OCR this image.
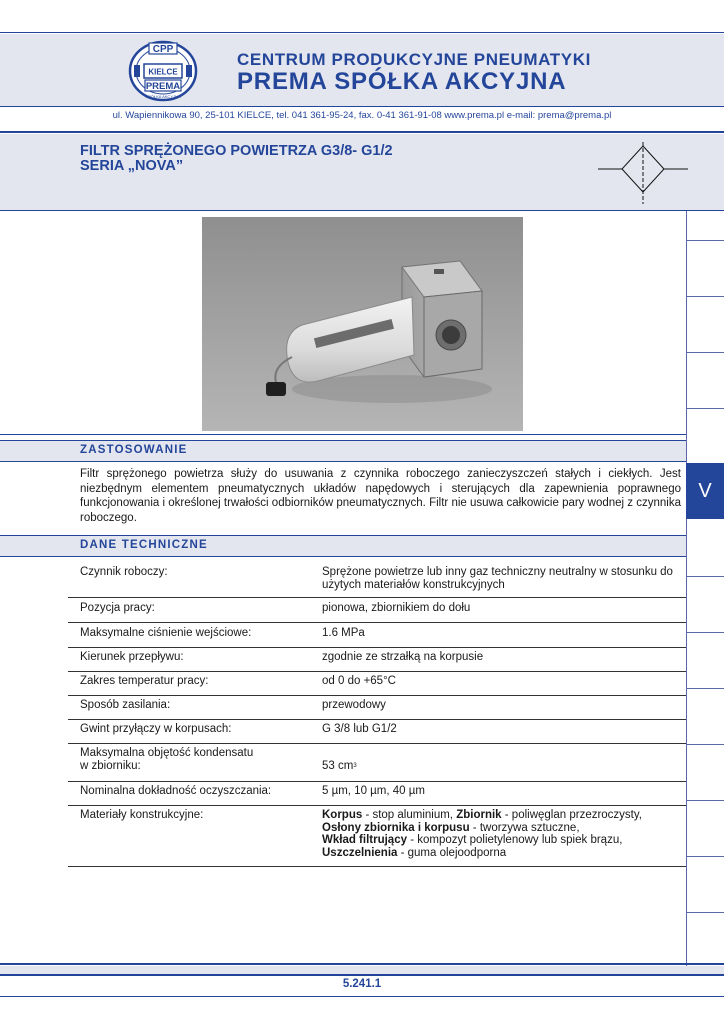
CPP
KIELCE
PREMA
SPÓŁKA AKCYJNA
CENTRUM PRODUKCYJNE PNEUMATYKI
PREMA SPÓŁKA AKCYJNA
ul. Wapiennikowa 90, 25-101 KIELCE, tel. 041 361-95-24, fax. 0-41 361-91-08 www.prema.pl e-mail: prema@prema.pl
FILTR SPRĘŻONEGO POWIETRZA G3/8- G1/2
SERIA „NOVA”
V
ZASTOSOWANIE
Filtr sprężonego powietrza służy do usuwania z czynnika roboczego zanieczyszczeń stałych i ciekłych. Jest niezbędnym elementem pneumatycznych układów napędowych i sterujących dla zapewnienia poprawnego funkcjonowania i określonej trwałości odbiorników pneumatycznych. Filtr nie usuwa całkowicie pary wodnej z czynnika roboczego.
DANE TECHNICZNE
Czynnik roboczy:	Sprężone powietrze lub inny gaz techniczny neutralny w stosunku do użytych materiałów konstrukcyjnych
Pozycja pracy:	pionowa, zbiornikiem do dołu
Maksymalne ciśnienie wejściowe:	1.6 MPa
Kierunek przepływu:	zgodnie ze strzałką na korpusie
Zakres temperatur pracy:	od 0 do +65°C
Sposób zasilania:	przewodowy
Gwint przyłączy w korpusach:	G 3/8 lub G1/2
Maksymalna objętość kondensatu
w zbiorniku:	53 $cm^3$
Nominalna dokładność oczyszczania:	5 µm, 10 µm, 40 µm
Materiały konstrukcyjne:	Korpus - stop aluminium, Zbiornik - poliwęglan przezroczysty,
Osłony zbiornika i korpusu - tworzywa sztuczne,
Wkład filtrujący - kompozyt polietylenowy lub spiek brązu,
Uszczelnienia - guma olejoodporna
5.241.1
